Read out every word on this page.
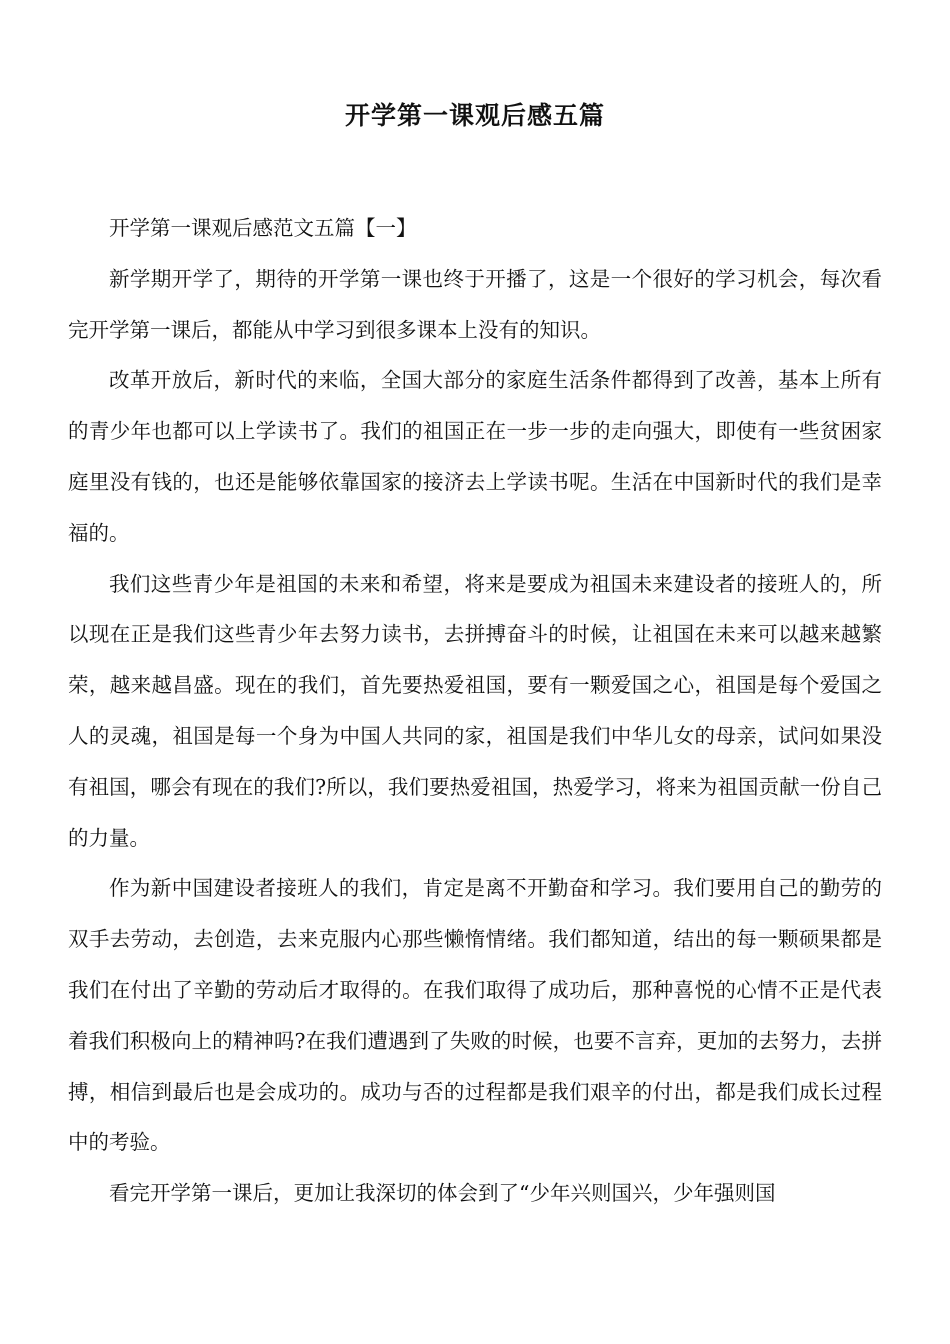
开学第一课观后感五篇

开学第一课观后感范文五篇【一】

新学期开学了，期待的开学第一课也终于开播了，这是一个很好的学习机会，每次看完开学第一课后，都能从中学习到很多课本上没有的知识。

改革开放后，新时代的来临，全国大部分的家庭生活条件都得到了改善，基本上所有的青少年也都可以上学读书了。我们的祖国正在一步一步的走向强大，即使有一些贫困家庭里没有钱的，也还是能够依靠国家的接济去上学读书呢。生活在中国新时代的我们是幸福的。

我们这些青少年是祖国的未来和希望，将来是要成为祖国未来建设者的接班人的，所以现在正是我们这些青少年去努力读书，去拼搏奋斗的时候，让祖国在未来可以越来越繁荣，越来越昌盛。现在的我们，首先要热爱祖国，要有一颗爱国之心，祖国是每个爱国之人的灵魂，祖国是每一个身为中国人共同的家，祖国是我们中华儿女的母亲，试问如果没有祖国，哪会有现在的我们?所以，我们要热爱祖国，热爱学习，将来为祖国贡献一份自己的力量。

作为新中国建设者接班人的我们，肯定是离不开勤奋和学习。我们要用自己的勤劳的双手去劳动，去创造，去来克服内心那些懒惰情绪。我们都知道，结出的每一颗硕果都是我们在付出了辛勤的劳动后才取得的。在我们取得了成功后，那种喜悦的心情不正是代表着我们积极向上的精神吗?在我们遭遇到了失败的时候，也要不言弃，更加的去努力，去拼搏，相信到最后也是会成功的。成功与否的过程都是我们艰辛的付出，都是我们成长过程中的考验。

看完开学第一课后，更加让我深切的体会到了“少年兴则国兴，少年强则国
